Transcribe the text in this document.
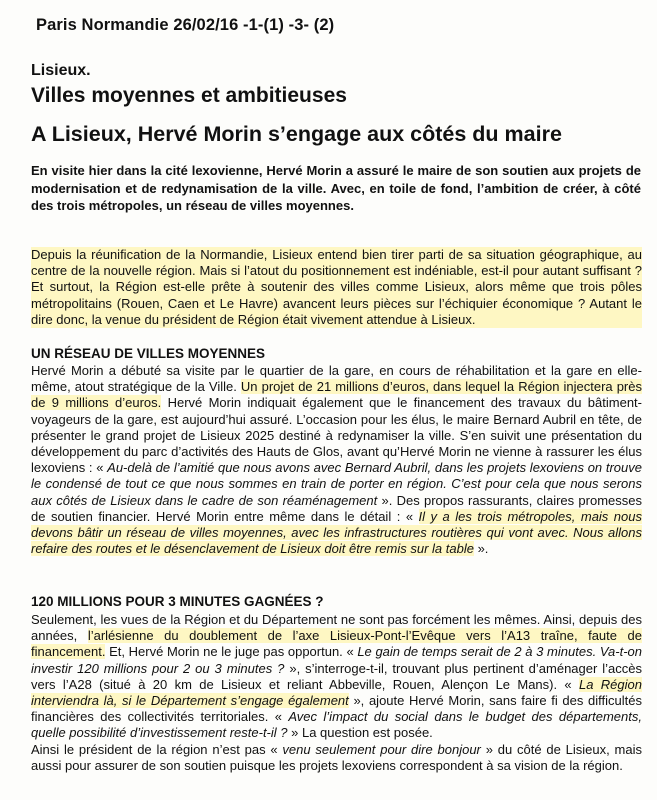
Paris Normandie 26/02/16 -1-(1) -3- (2)
Lisieux.
Villes moyennes et ambitieuses
A Lisieux, Hervé Morin s’engage aux côtés du maire

En visite hier dans la cité lexovienne, Hervé Morin a assuré le maire de son soutien aux projets de modernisation et de redynamisation de la ville. Avec, en toile de fond, l’ambition de créer, à côté des trois métropoles, un réseau de villes moyennes.

Depuis la réunification de la Normandie, Lisieux entend bien tirer parti de sa situation géographique, au centre de la nouvelle région. Mais si l’atout du positionnement est indéniable, est-il pour autant suffisant ? Et surtout, la Région est-elle prête à soutenir des villes comme Lisieux, alors même que trois pôles métropolitains (Rouen, Caen et Le Havre) avancent leurs pièces sur l’échiquier économique ? Autant le dire donc, la venue du président de Région était vivement attendue à Lisieux.

UN RÉSEAU DE VILLES MOYENNES

Hervé Morin a débuté sa visite par le quartier de la gare, en cours de réhabilitation et la gare en elle-même, atout stratégique de la Ville. Un projet de 21 millions d’euros, dans lequel la Région injectera près de 9 millions d’euros. Hervé Morin indiquait également que le financement des travaux du bâtiment-voyageurs de la gare, est aujourd’hui assuré. L’occasion pour les élus, le maire Bernard Aubril en tête, de présenter le grand projet de Lisieux 2025 destiné à redynamiser la ville. S’en suivit une présentation du développement du parc d’activités des Hauts de Glos, avant qu’Hervé Morin ne vienne à rassurer les élus lexoviens : « Au-delà de l’amitié que nous avons avec Bernard Aubril, dans les projets lexoviens on trouve le condensé de tout ce que nous sommes en train de porter en région. C’est pour cela que nous serons aux côtés de Lisieux dans le cadre de son réaménagement ». Des propos rassurants, claires promesses de soutien financier. Hervé Morin entre même dans le détail : « Il y a les trois métropoles, mais nous devons bâtir un réseau de villes moyennes, avec les infrastructures routières qui vont avec. Nous allons refaire des routes et le désenclavement de Lisieux doit être remis sur la table ».

120 MILLIONS POUR 3 MINUTES GAGNÉES ?

Seulement, les vues de la Région et du Département ne sont pas forcément les mêmes. Ainsi, depuis des années, l’arlésienne du doublement de l’axe Lisieux-Pont-l’Evêque vers l’A13 traîne, faute de financement. Et, Hervé Morin ne le juge pas opportun. « Le gain de temps serait de 2 à 3 minutes. Va-t-on investir 120 millions pour 2 ou 3 minutes ? », s’interroge-t-il, trouvant plus pertinent d’aménager l’accès vers l’A28 (situé à 20 km de Lisieux et reliant Abbeville, Rouen, Alençon Le Mans). « La Région interviendra là, si le Département s’engage également », ajoute Hervé Morin, sans faire fi des difficultés financières des collectivités territoriales. « Avec l’impact du social dans le budget des départements, quelle possibilité d’investissement reste-t-il ? » La question est posée.
Ainsi le président de la région n’est pas « venu seulement pour dire bonjour » du côté de Lisieux, mais aussi pour assurer de son soutien puisque les projets lexoviens correspondent à sa vision de la région.
